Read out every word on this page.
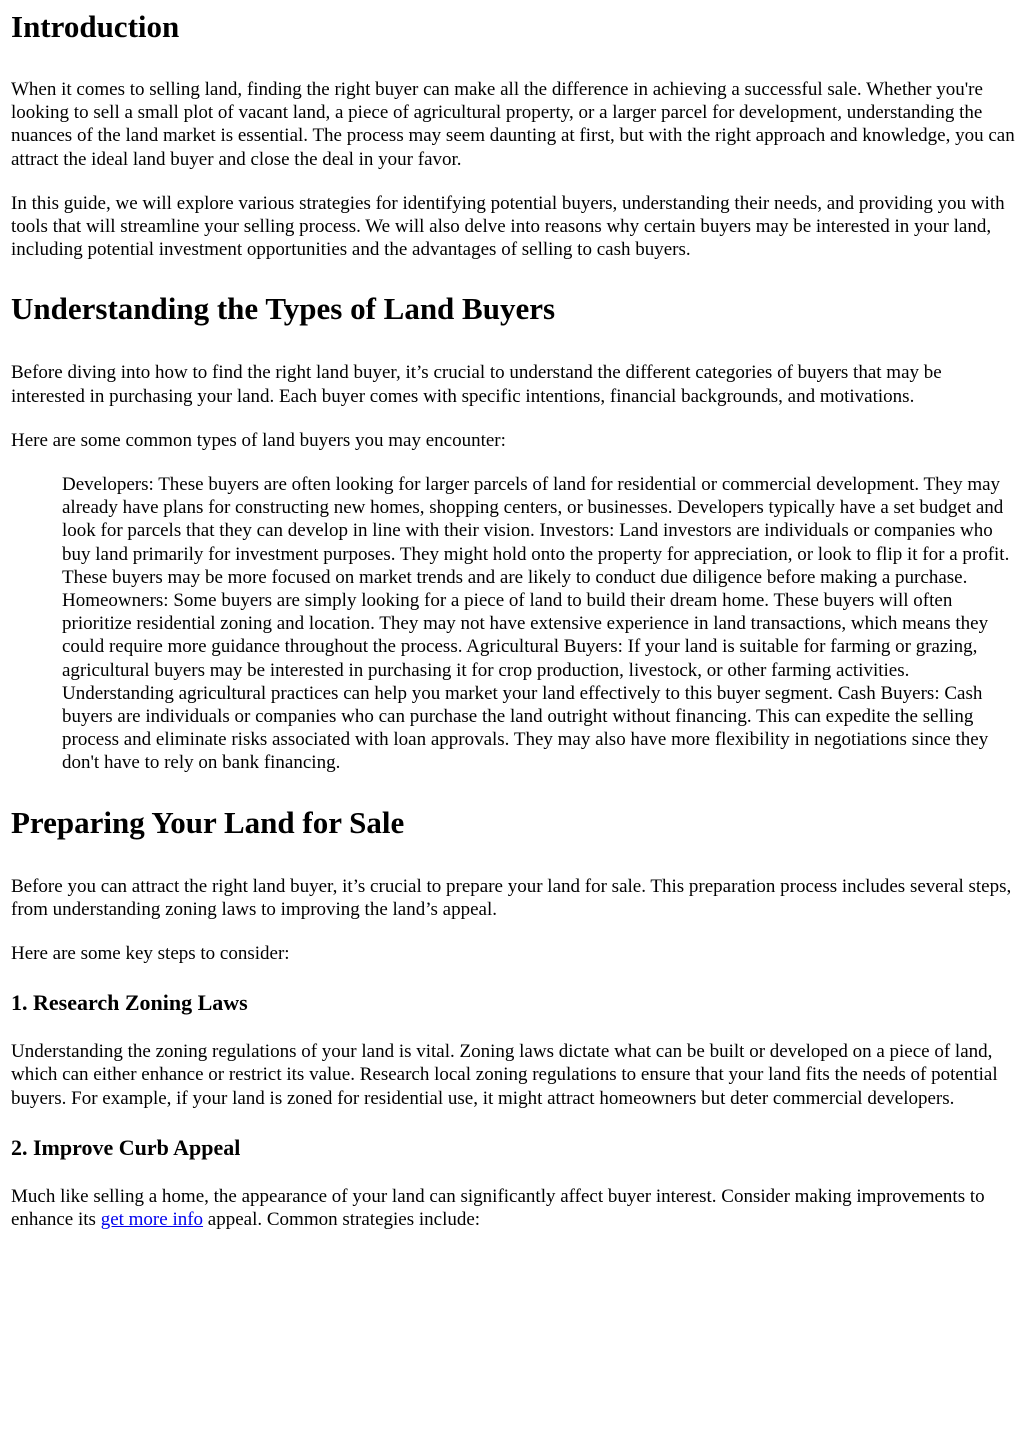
Introduction

When it comes to selling land, finding the right buyer can make all the difference in achieving a successful sale. Whether you're looking to sell a small plot of vacant land, a piece of agricultural property, or a larger parcel for development, understanding the nuances of the land market is essential. The process may seem daunting at first, but with the right approach and knowledge, you can attract the ideal land buyer and close the deal in your favor.

In this guide, we will explore various strategies for identifying potential buyers, understanding their needs, and providing you with tools that will streamline your selling process. We will also delve into reasons why certain buyers may be interested in your land, including potential investment opportunities and the advantages of selling to cash buyers.

Understanding the Types of Land Buyers

Before diving into how to find the right land buyer, it’s crucial to understand the different categories of buyers that may be interested in purchasing your land. Each buyer comes with specific intentions, financial backgrounds, and motivations.

Here are some common types of land buyers you may encounter:

Developers: These buyers are often looking for larger parcels of land for residential or commercial development. They may already have plans for constructing new homes, shopping centers, or businesses. Developers typically have a set budget and look for parcels that they can develop in line with their vision. Investors: Land investors are individuals or companies who buy land primarily for investment purposes. They might hold onto the property for appreciation, or look to flip it for a profit. These buyers may be more focused on market trends and are likely to conduct due diligence before making a purchase. Homeowners: Some buyers are simply looking for a piece of land to build their dream home. These buyers will often prioritize residential zoning and location. They may not have extensive experience in land transactions, which means they could require more guidance throughout the process. Agricultural Buyers: If your land is suitable for farming or grazing, agricultural buyers may be interested in purchasing it for crop production, livestock, or other farming activities. Understanding agricultural practices can help you market your land effectively to this buyer segment. Cash Buyers: Cash buyers are individuals or companies who can purchase the land outright without financing. This can expedite the selling process and eliminate risks associated with loan approvals. They may also have more flexibility in negotiations since they don't have to rely on bank financing.
Preparing Your Land for Sale

Before you can attract the right land buyer, it’s crucial to prepare your land for sale. This preparation process includes several steps, from understanding zoning laws to improving the land’s appeal.

Here are some key steps to consider:

1. Research Zoning Laws

Understanding the zoning regulations of your land is vital. Zoning laws dictate what can be built or developed on a piece of land, which can either enhance or restrict its value. Research local zoning regulations to ensure that your land fits the needs of potential buyers. For example, if your land is zoned for residential use, it might attract homeowners but deter commercial developers.

2. Improve Curb Appeal

Much like selling a home, the appearance of your land can significantly affect buyer interest. Consider making improvements to enhance its get more info appeal. Common strategies include:
